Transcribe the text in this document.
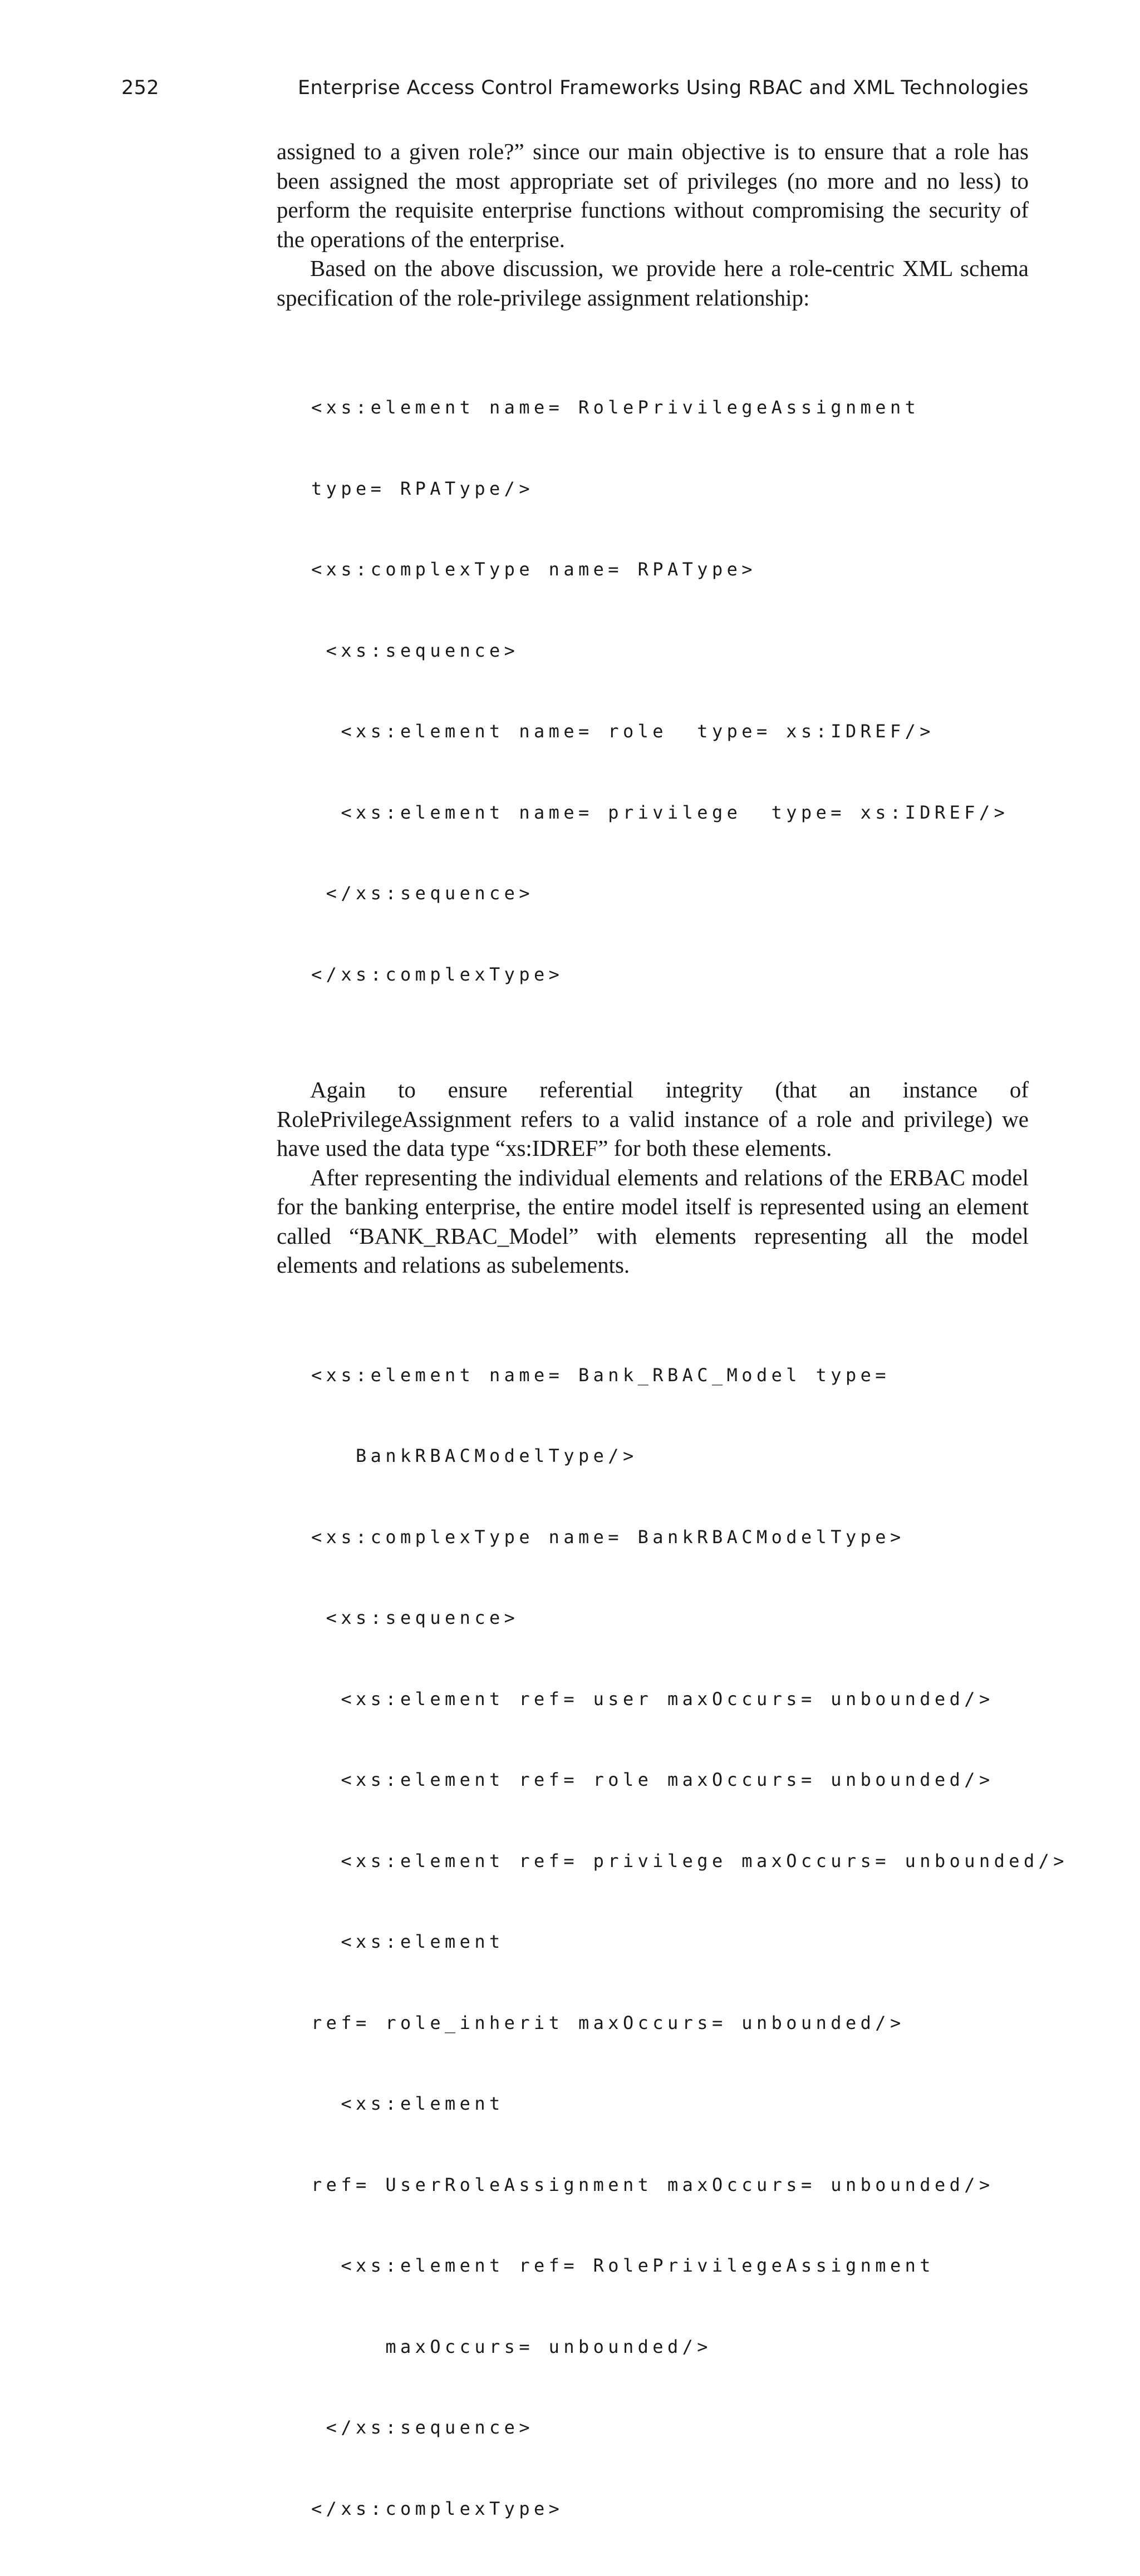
252	Enterprise Access Control Frameworks Using RBAC and XML Technologies

assigned to a given role?” since our main objective is to ensure that a role has been assigned the most appropriate set of privileges (no more and no less) to perform the requisite enterprise functions without compromising the security of the operations of the enterprise.

Based on the above discussion, we provide here a role-centric XML schema specification of the role-privilege assignment relationship:

<xs:element name= RolePrivilegeAssignment

type= RPAType/>

<xs:complexType name= RPAType>

<xs:sequence>

<xs:element name= role  type= xs:IDREF/>

<xs:element name= privilege  type= xs:IDREF/>

</xs:sequence>

</xs:complexType>

Again to ensure referential integrity (that an instance of RolePrivilegeAssignment refers to a valid instance of a role and privilege) we have used the data type “xs:IDREF” for both these elements.

After representing the individual elements and relations of the ERBAC model for the banking enterprise, the entire model itself is represented using an element called “BANK_RBAC_Model” with elements representing all the model elements and relations as subelements.

<xs:element name= Bank_RBAC_Model type=

BankRBACModelType/>

<xs:complexType name= BankRBACModelType>

<xs:sequence>

<xs:element ref= user maxOccurs= unbounded/>

<xs:element ref= role maxOccurs= unbounded/>

<xs:element ref= privilege maxOccurs= unbounded/>

<xs:element

ref= role_inherit maxOccurs= unbounded/>

<xs:element

ref= UserRoleAssignment maxOccurs= unbounded/>

<xs:element ref= RolePrivilegeAssignment

maxOccurs= unbounded/>

</xs:sequence>

</xs:complexType>
